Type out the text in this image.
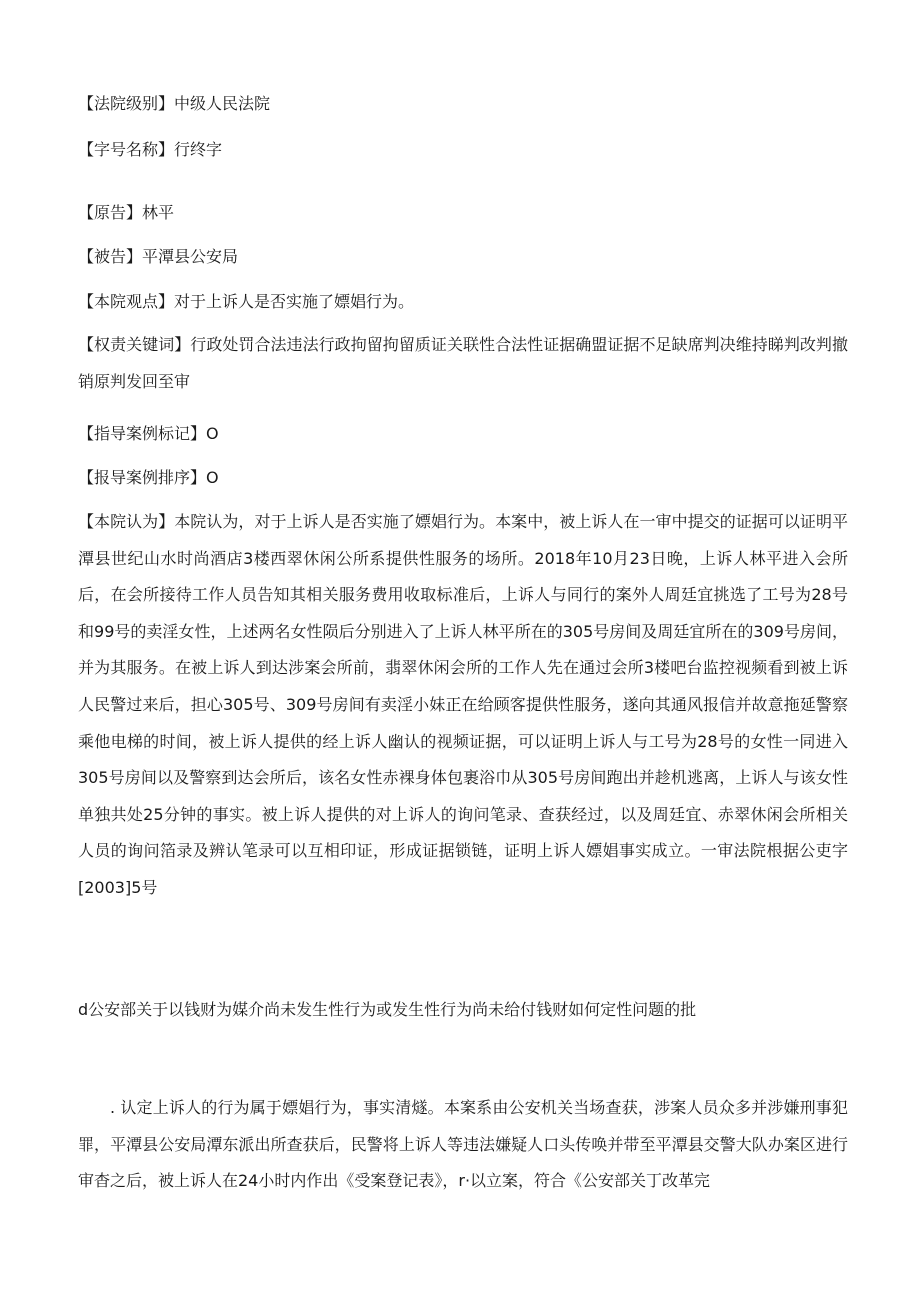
【法院级别】中级人民法院

【字号名称】行终字

【原告】林平

【被告】平潭县公安局

【本院观点】对于上诉人是否实施了嫖娼行为。

【权责关键词】行政处罚合法违法行政拘留拘留质证关联性合法性证据确盟证据不足缺席判决维持睇判改判撤销原判发回至审

【指导案例标记】O

【报导案例排序】O

【本院认为】本院认为，对于上诉人是否实施了嫖娼行为。本案中，被上诉人在一审中提交的证据可以证明平潭县世纪山水时尚酒店3楼西翠休闲公所系提供性服务的场所。2018年10月23日晚，上诉人林平进入会所后，在会所接待工作人员告知其相关服务费用收取标准后，上诉人与同行的案外人周廷宜挑选了工号为28号和99号的卖淫女性，上述两名女性陨后分别进入了上诉人林平所在的305号房间及周廷宜所在的309号房间，并为其服务。在被上诉人到达涉案会所前，翡翠休闲会所的工作人先在通过会所3楼吧台监控视频看到被上诉人民警过来后，担心305号、309号房间有卖淫小妹正在给顾客提供性服务，遂向其通风报信并故意拖延警察乘他电梯的时间，被上诉人提供的经上诉人幽认的视频证据，可以证明上诉人与工号为28号的女性一同进入305号房间以及警察到达会所后，该名女性赤裸身体包裹浴巾从305号房间跑出并趁机逃离，上诉人与该女性单独共处25分钟的事实。被上诉人提供的对上诉人的询问笔录、查获经过，以及周廷宜、赤翠休闲会所相关人员的询问箔录及辨认笔录可以互相印证，形成证据锁链，证明上诉人嫖娼事实成立。一审法院根据公吏字[2003]5号

d公安部关于以钱财为媒介尚未发生性行为或发生性行为尚未给付钱财如何定性问题的批

. 认定上诉人的行为属于嫖娼行为，事实清燧。本案系由公安机关当场查获，涉案人员众多并涉嫌刑事犯罪，平潭县公安局潭东派出所查获后，民警将上诉人等违法嫌疑人口头传唤并带至平潭县交警大队办案区进行审杳之后，被上诉人在24小时内作出《受案登记表》，r·以立案，符合《公安部关丁改革完
